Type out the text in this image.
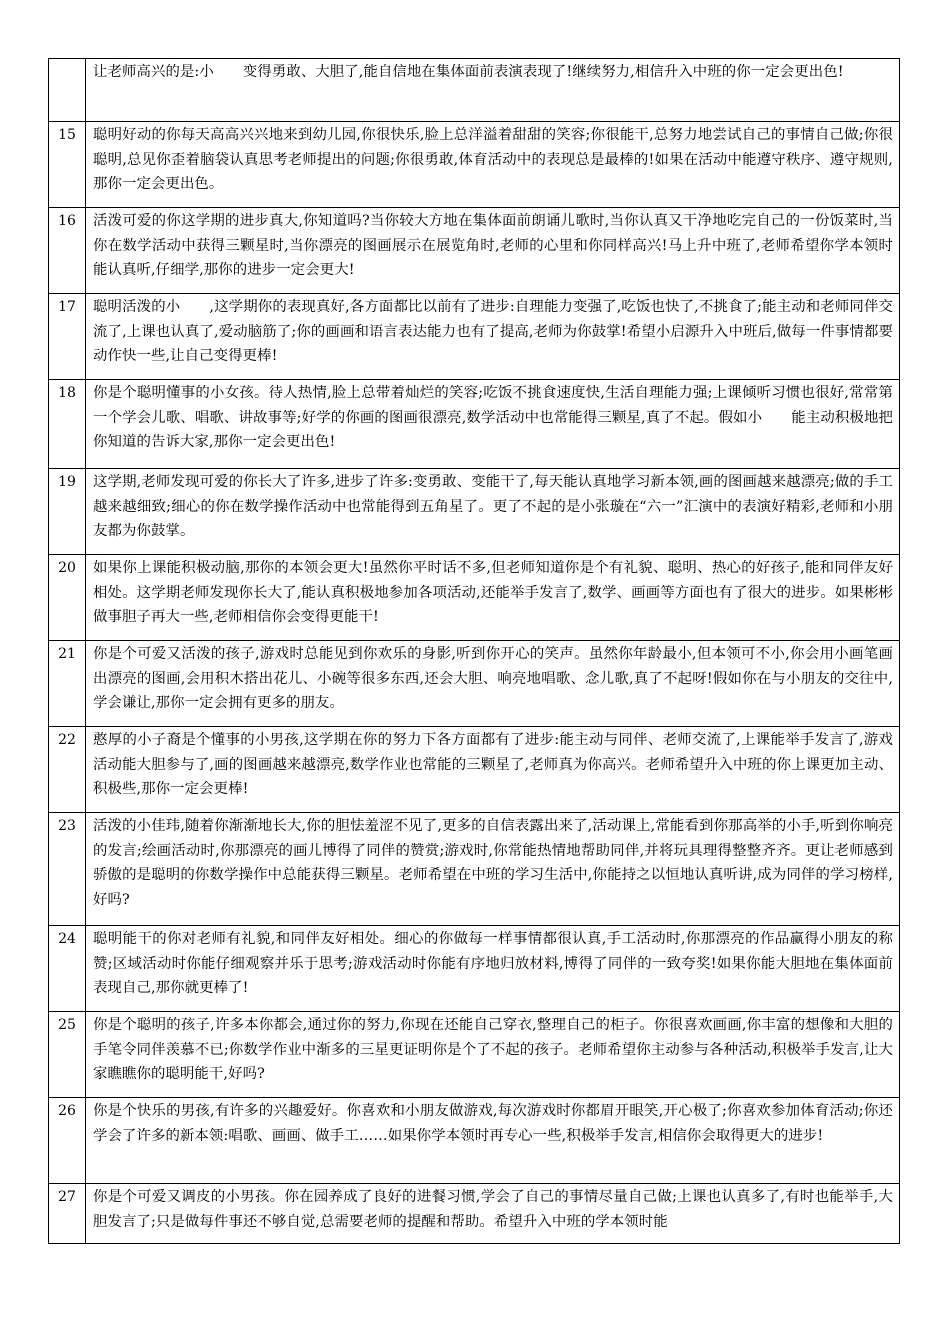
	让老师高兴的是:小　　变得勇敢、大胆了,能自信地在集体面前表演表现了!继续努力,相信升入中班的你一定会更出色!

15	聪明好动的你每天高高兴兴地来到幼儿园,你很快乐,脸上总洋溢着甜甜的笑容;你很能干,总努力地尝试自己的事情自己做;你很聪明,总见你歪着脑袋认真思考老师提出的问题;你很勇敢,体育活动中的表现总是最棒的!如果在活动中能遵守秩序、遵守规则,那你一定会更出色。

16	活泼可爱的你这学期的进步真大,你知道吗?当你较大方地在集体面前朗诵儿歌时,当你认真又干净地吃完自己的一份饭菜时,当你在数学活动中获得三颗星时,当你漂亮的图画展示在展览角时,老师的心里和你同样高兴!马上升中班了,老师希望你学本领时能认真听,仔细学,那你的进步一定会更大!

17	聪明活泼的小　　,这学期你的表现真好,各方面都比以前有了进步:自理能力变强了,吃饭也快了,不挑食了;能主动和老师同伴交流了,上课也认真了,爱动脑筋了;你的画画和语言表达能力也有了提高,老师为你鼓掌!希望小启源升入中班后,做每一件事情都要动作快一些,让自己变得更棒!

18	你是个聪明懂事的小女孩。待人热情,脸上总带着灿烂的笑容;吃饭不挑食速度快,生活自理能力强;上课倾听习惯也很好,常常第一个学会儿歌、唱歌、讲故事等;好学的你画的图画很漂亮,数学活动中也常能得三颗星,真了不起。假如小　　能主动积极地把你知道的告诉大家,那你一定会更出色!

19	这学期,老师发现可爱的你长大了许多,进步了许多:变勇敢、变能干了,每天能认真地学习新本领,画的图画越来越漂亮;做的手工越来越细致;细心的你在数学操作活动中也常能得到五角星了。更了不起的是小张璇在“六一”汇演中的表演好精彩,老师和小朋友都为你鼓掌。

20	如果你上课能积极动脑,那你的本领会更大!虽然你平时话不多,但老师知道你是个有礼貌、聪明、热心的好孩子,能和同伴友好相处。这学期老师发现你长大了,能认真积极地参加各项活动,还能举手发言了,数学、画画等方面也有了很大的进步。如果彬彬做事胆子再大一些,老师相信你会变得更能干!

21	你是个可爱又活泼的孩子,游戏时总能见到你欢乐的身影,听到你开心的笑声。虽然你年龄最小,但本领可不小,你会用小画笔画出漂亮的图画,会用积木搭出花儿、小碗等很多东西,还会大胆、响亮地唱歌、念儿歌,真了不起呀!假如你在与小朋友的交往中,学会谦让,那你一定会拥有更多的朋友。

22	憨厚的小子裔是个懂事的小男孩,这学期在你的努力下各方面都有了进步:能主动与同伴、老师交流了,上课能举手发言了,游戏活动能大胆参与了,画的图画越来越漂亮,数学作业也常能的三颗星了,老师真为你高兴。老师希望升入中班的你上课更加主动、积极些,那你一定会更棒!

23	活泼的小佳玮,随着你渐渐地长大,你的胆怯羞涩不见了,更多的自信表露出来了,活动课上,常能看到你那高举的小手,听到你响亮的发言;绘画活动时,你那漂亮的画儿博得了同伴的赞赏;游戏时,你常能热情地帮助同伴,并将玩具理得整整齐齐。更让老师感到骄傲的是聪明的你数学操作中总能获得三颗星。老师希望在中班的学习生活中,你能持之以恒地认真听讲,成为同伴的学习榜样,好吗?

24	聪明能干的你对老师有礼貌,和同伴友好相处。细心的你做每一样事情都很认真,手工活动时,你那漂亮的作品赢得小朋友的称赞;区域活动时你能仔细观察并乐于思考;游戏活动时你能有序地归放材料,博得了同伴的一致夸奖!如果你能大胆地在集体面前表现自己,那你就更棒了!

25	你是个聪明的孩子,许多本你都会,通过你的努力,你现在还能自己穿衣,整理自己的柜子。你很喜欢画画,你丰富的想像和大胆的手笔令同伴羡慕不已;你数学作业中渐多的三星更证明你是个了不起的孩子。老师希望你主动参与各种活动,积极举手发言,让大家瞧瞧你的聪明能干,好吗?

26	你是个快乐的男孩,有许多的兴趣爱好。你喜欢和小朋友做游戏,每次游戏时你都眉开眼笑,开心极了;你喜欢参加体育活动;你还学会了许多的新本领:唱歌、画画、做手工……如果你学本领时再专心一些,积极举手发言,相信你会取得更大的进步!

27	你是个可爱又调皮的小男孩。你在园养成了良好的进餐习惯,学会了自己的事情尽量自己做;上课也认真多了,有时也能举手,大胆发言了;只是做每件事还不够自觉,总需要老师的提醒和帮助。希望升入中班的学本领时能
